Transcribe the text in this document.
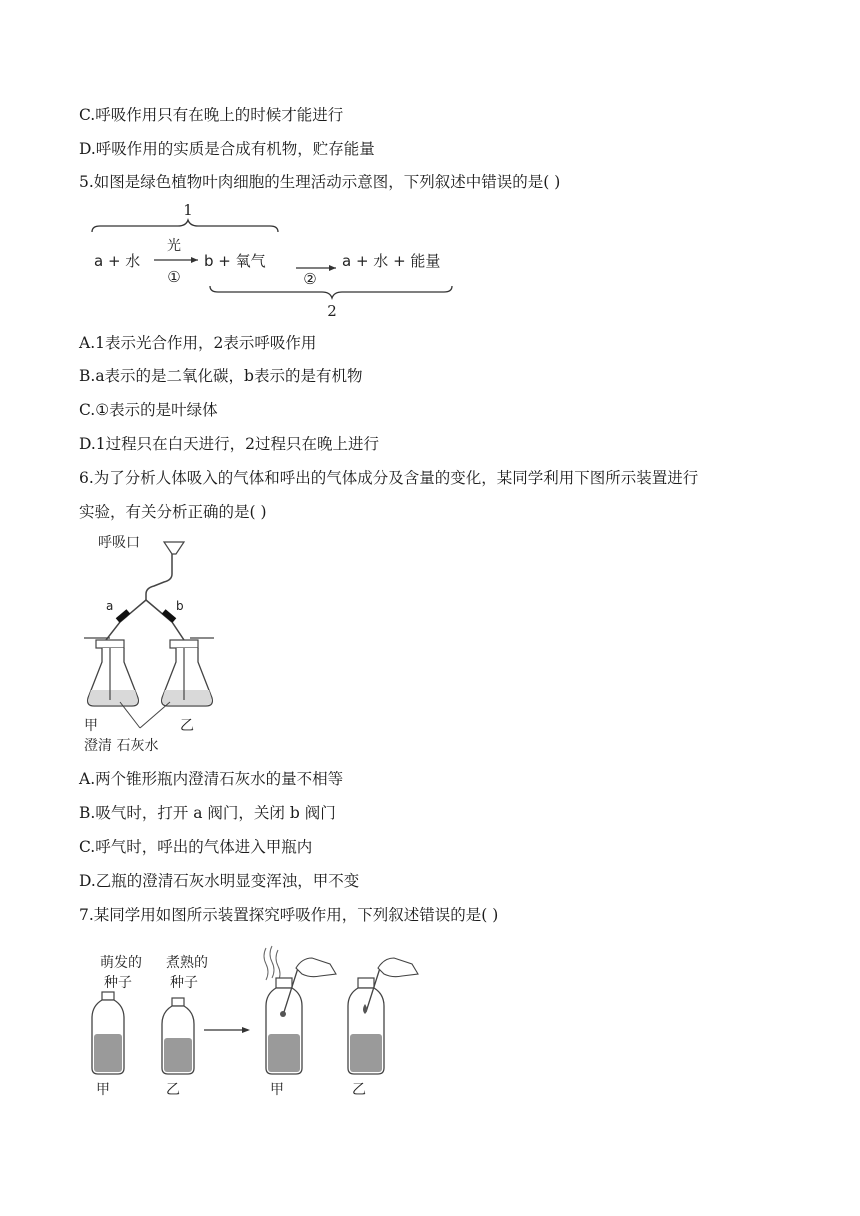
C.呼吸作用只有在晚上的时候才能进行
D.呼吸作用的实质是合成有机物，贮存能量
5.如图是绿色植物叶肉细胞的生理活动示意图，下列叙述中错误的是( )
1
a + 水
光
①
b + 氧气
②
a + 水 + 能量
2
A.1表示光合作用，2表示呼吸作用
B.a表示的是二氧化碳，b表示的是有机物
C.①表示的是叶绿体
D.1过程只在白天进行，2过程只在晚上进行
6.为了分析人体吸入的气体和呼出的气体成分及含量的变化，某同学利用下图所示装置进行
实验，有关分析正确的是( )
呼吸口
a	b
甲	乙
澄清 石灰水
A.两个锥形瓶内澄清石灰水的量不相等
B.吸气时，打开 a 阀门，关闭 b 阀门
C.呼气时，呼出的气体进入甲瓶内
D.乙瓶的澄清石灰水明显变浑浊，甲不变
7.某同学用如图所示装置探究呼吸作用，下列叙述错误的是( )
萌发的
种子
煮熟的
种子
甲	乙	甲	乙
